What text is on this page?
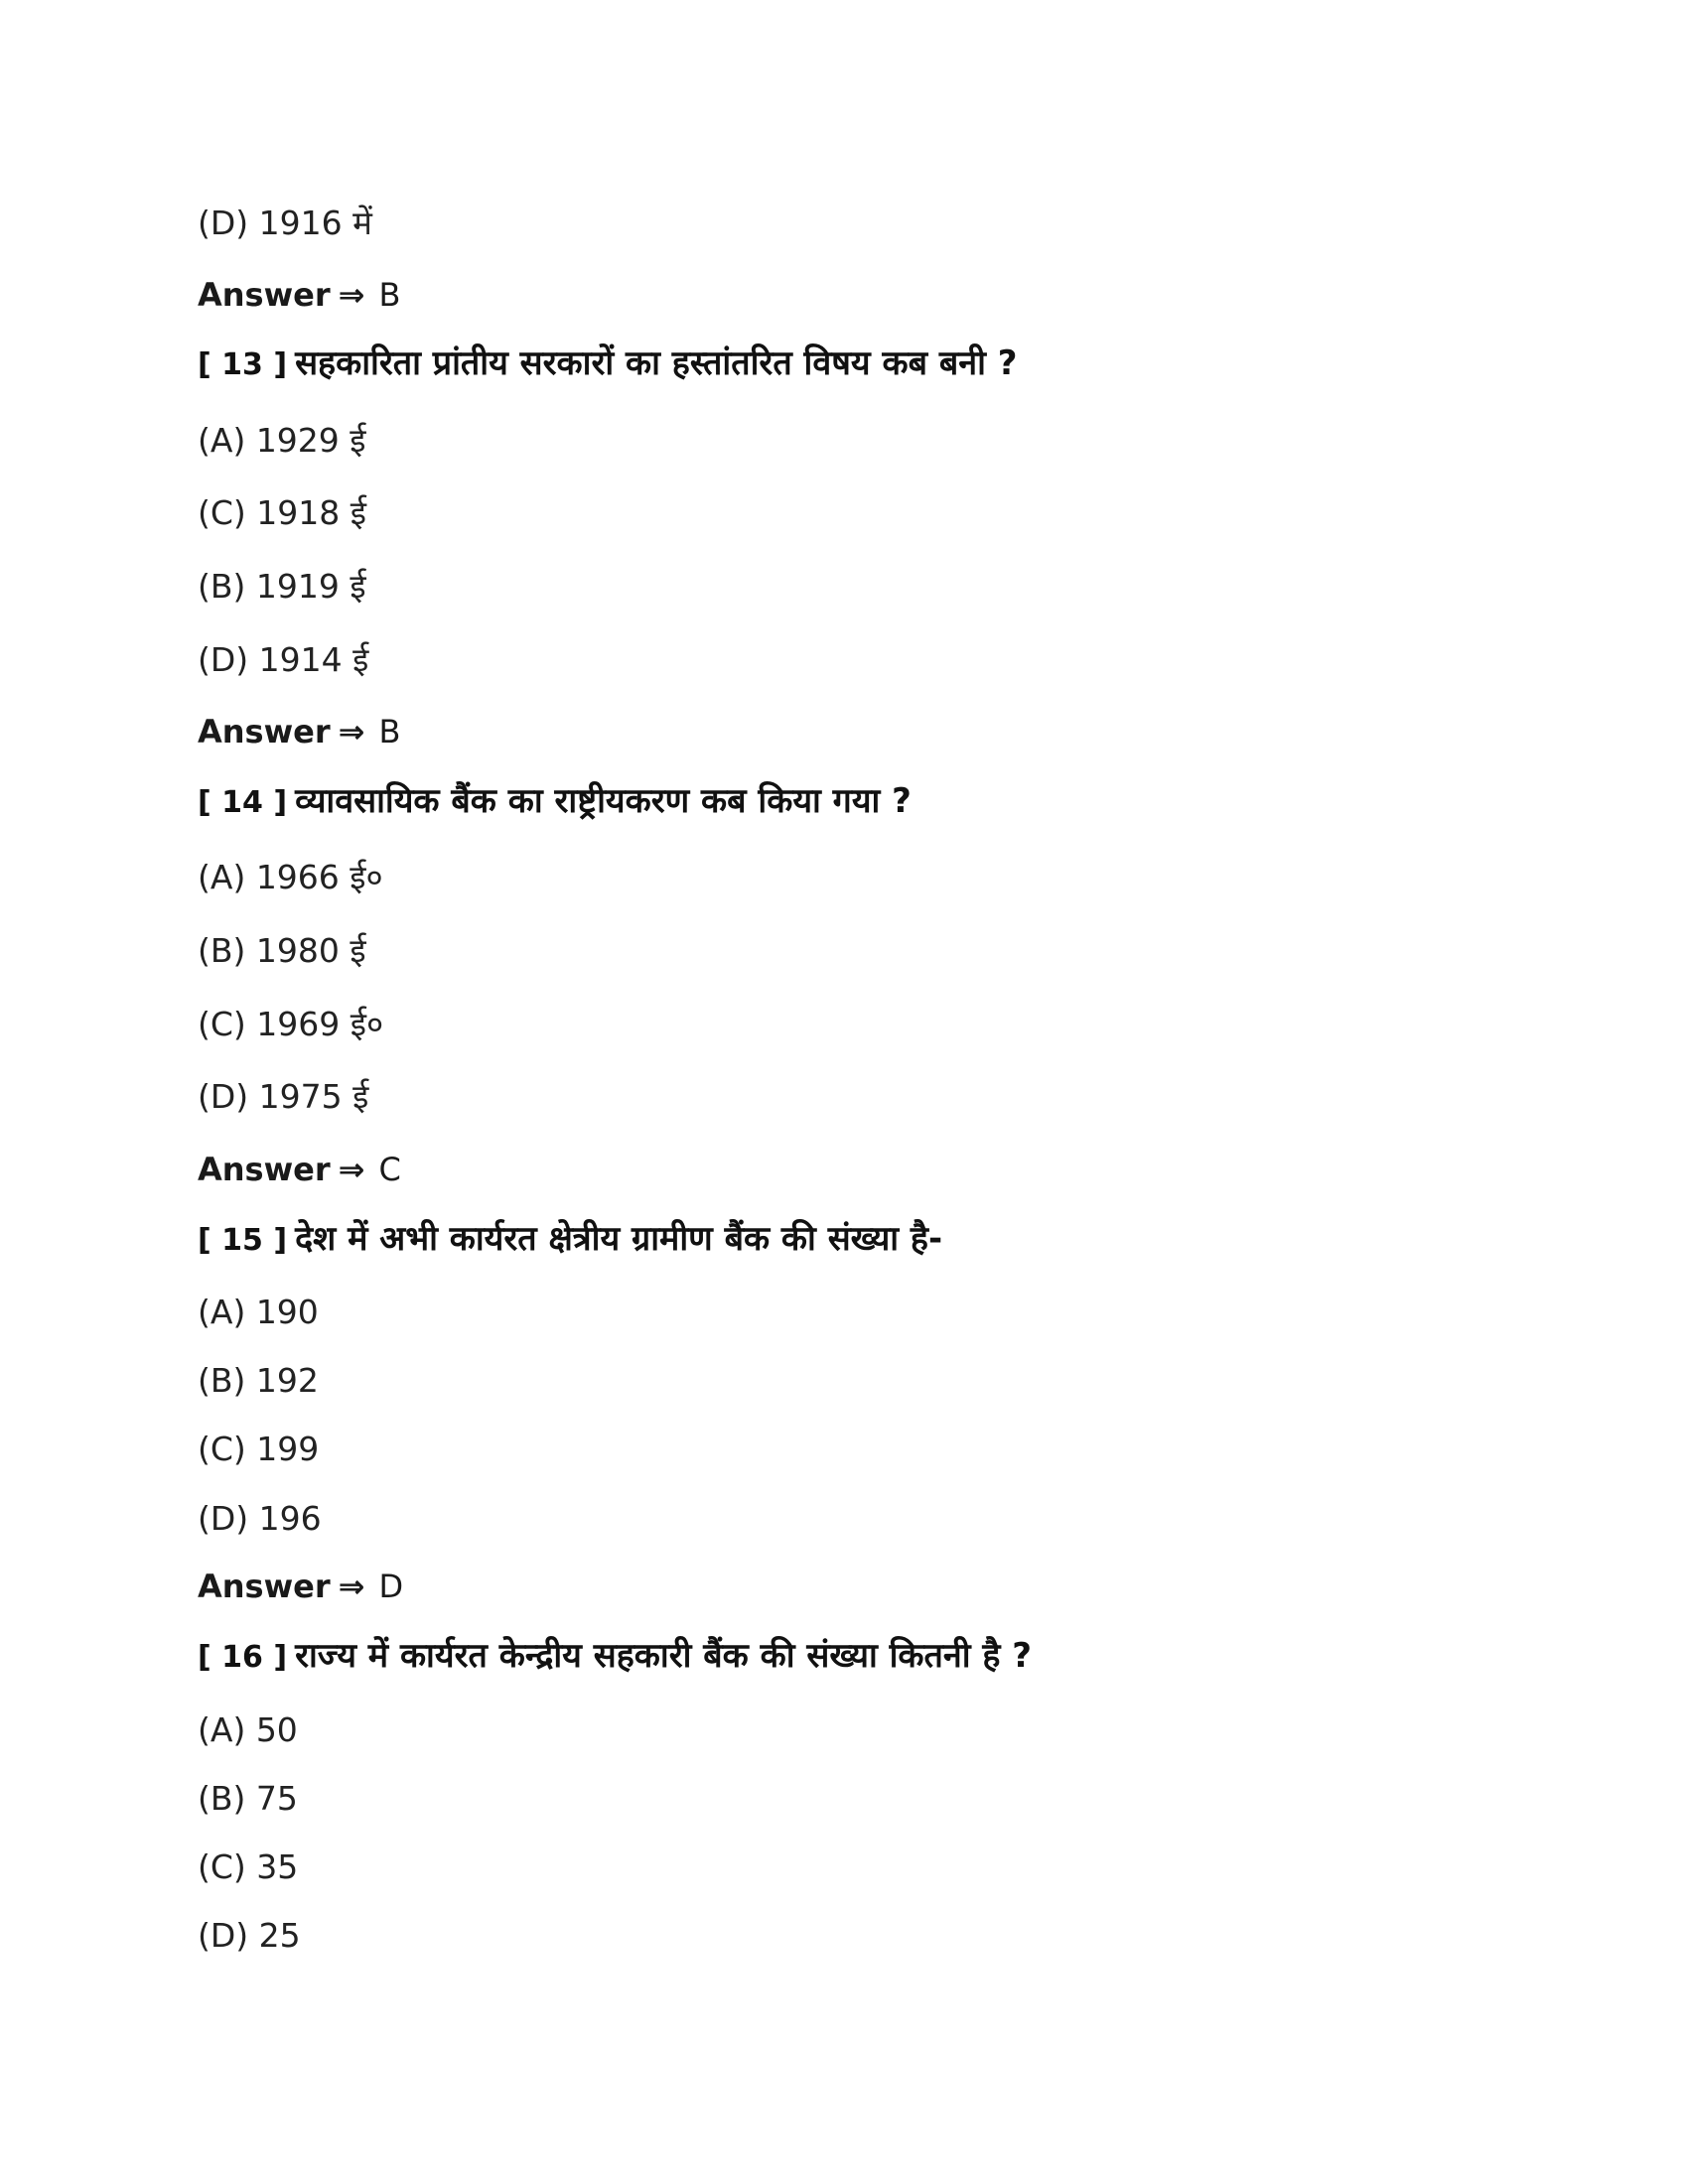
(D) 1916 में
Answer ⇒ B
[ 13 ] सहकारिता प्रांतीय सरकारों का हस्तांतरित विषय कब बनी ?
(A) 1929 ई
(C) 1918 ई
(B) 1919 ई
(D) 1914 ई
Answer ⇒ B
[ 14 ] व्यावसायिक बैंक का राष्ट्रीयकरण कब किया गया ?
(A) 1966 ई०
(B) 1980 ई
(C) 1969 ई०
(D) 1975 ई
Answer ⇒ C
[ 15 ] देश में अभी कार्यरत क्षेत्रीय ग्रामीण बैंक की संख्या है-
(A) 190
(B) 192
(C) 199
(D) 196
Answer ⇒ D
[ 16 ] राज्य में कार्यरत केन्द्रीय सहकारी बैंक की संख्या कितनी है ?
(A) 50
(B) 75
(C) 35
(D) 25
